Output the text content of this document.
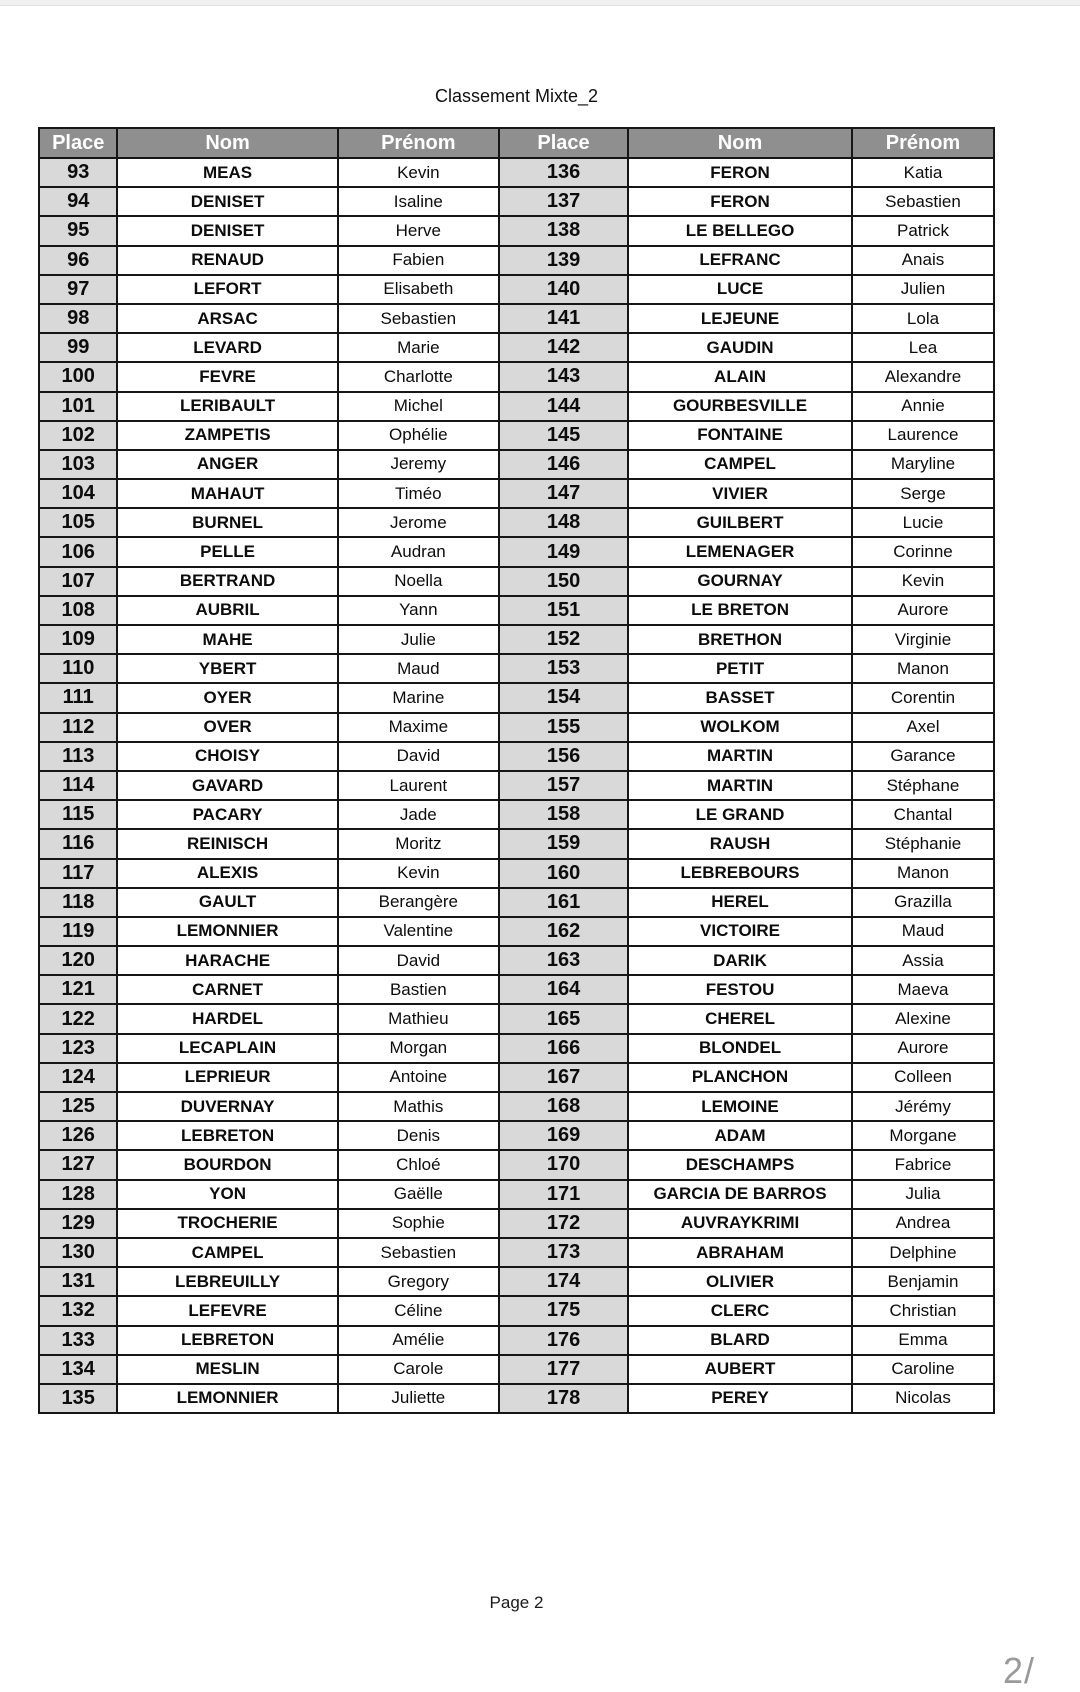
Classement Mixte_2
Place	Nom	Prénom	Place	Nom	Prénom
93	MEAS	Kevin	136	FERON	Katia
94	DENISET	Isaline	137	FERON	Sebastien
95	DENISET	Herve	138	LE BELLEGO	Patrick
96	RENAUD	Fabien	139	LEFRANC	Anais
97	LEFORT	Elisabeth	140	LUCE	Julien
98	ARSAC	Sebastien	141	LEJEUNE	Lola
99	LEVARD	Marie	142	GAUDIN	Lea
100	FEVRE	Charlotte	143	ALAIN	Alexandre
101	LERIBAULT	Michel	144	GOURBESVILLE	Annie
102	ZAMPETIS	Ophélie	145	FONTAINE	Laurence
103	ANGER	Jeremy	146	CAMPEL	Maryline
104	MAHAUT	Timéo	147	VIVIER	Serge
105	BURNEL	Jerome	148	GUILBERT	Lucie
106	PELLE	Audran	149	LEMENAGER	Corinne
107	BERTRAND	Noella	150	GOURNAY	Kevin
108	AUBRIL	Yann	151	LE BRETON	Aurore
109	MAHE	Julie	152	BRETHON	Virginie
110	YBERT	Maud	153	PETIT	Manon
111	OYER	Marine	154	BASSET	Corentin
112	OVER	Maxime	155	WOLKOM	Axel
113	CHOISY	David	156	MARTIN	Garance
114	GAVARD	Laurent	157	MARTIN	Stéphane
115	PACARY	Jade	158	LE GRAND	Chantal
116	REINISCH	Moritz	159	RAUSH	Stéphanie
117	ALEXIS	Kevin	160	LEBREBOURS	Manon
118	GAULT	Berangère	161	HEREL	Grazilla
119	LEMONNIER	Valentine	162	VICTOIRE	Maud
120	HARACHE	David	163	DARIK	Assia
121	CARNET	Bastien	164	FESTOU	Maeva
122	HARDEL	Mathieu	165	CHEREL	Alexine
123	LECAPLAIN	Morgan	166	BLONDEL	Aurore
124	LEPRIEUR	Antoine	167	PLANCHON	Colleen
125	DUVERNAY	Mathis	168	LEMOINE	Jérémy
126	LEBRETON	Denis	169	ADAM	Morgane
127	BOURDON	Chloé	170	DESCHAMPS	Fabrice
128	YON	Gaëlle	171	GARCIA DE BARROS	Julia
129	TROCHERIE	Sophie	172	AUVRAYKRIMI	Andrea
130	CAMPEL	Sebastien	173	ABRAHAM	Delphine
131	LEBREUILLY	Gregory	174	OLIVIER	Benjamin
132	LEFEVRE	Céline	175	CLERC	Christian
133	LEBRETON	Amélie	176	BLARD	Emma
134	MESLIN	Carole	177	AUBERT	Caroline
135	LEMONNIER	Juliette	178	PEREY	Nicolas
Page 2
2/
